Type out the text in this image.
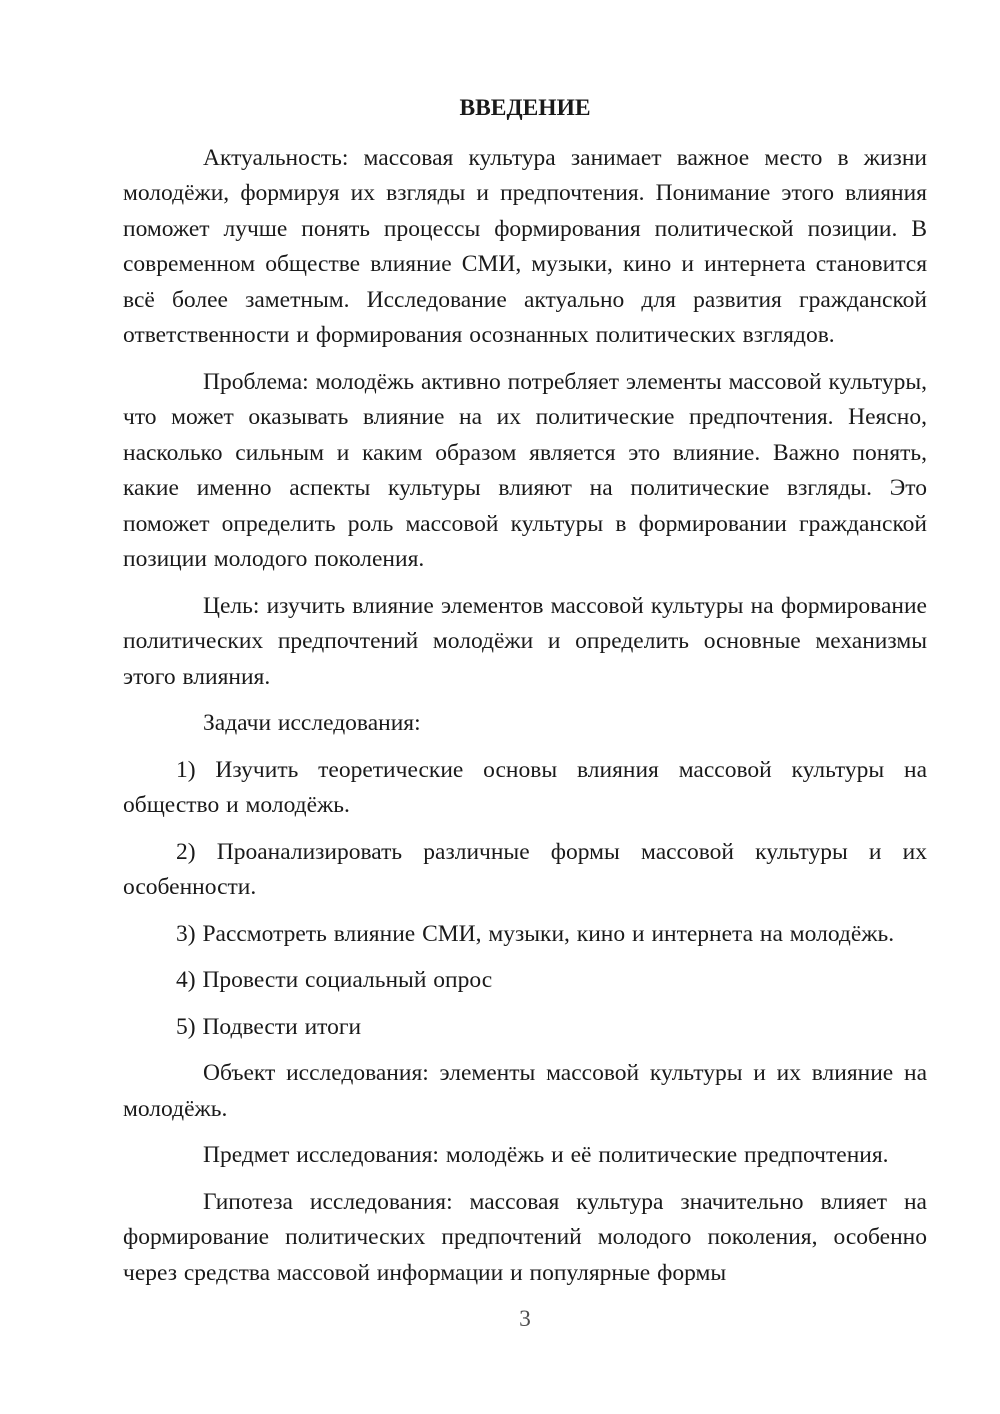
ВВЕДЕНИЕ

Актуальность: массовая культура занимает важное место в жизни молодёжи, формируя их взгляды и предпочтения. Понимание этого влияния поможет лучше понять процессы формирования политической позиции. В современном обществе влияние СМИ, музыки, кино и интернета становится всё более заметным. Исследование актуально для развития гражданской ответственности и формирования осознанных политических взглядов.

Проблема: молодёжь активно потребляет элементы массовой культуры, что может оказывать влияние на их политические предпочтения. Неясно, насколько сильным и каким образом является это влияние. Важно понять, какие именно аспекты культуры влияют на политические взгляды. Это поможет определить роль массовой культуры в формировании гражданской позиции молодого поколения.

Цель: изучить влияние элементов массовой культуры на формирование политических предпочтений молодёжи и определить основные механизмы этого влияния.

Задачи исследования:

1) Изучить теоретические основы влияния массовой культуры на общество и молодёжь.

2) Проанализировать различные формы массовой культуры и их особенности.

3) Рассмотреть влияние СМИ, музыки, кино и интернета на молодёжь.

4) Провести социальный опрос

5) Подвести итоги

Объект исследования: элементы массовой культуры и их влияние на молодёжь.

Предмет исследования: молодёжь и её политические предпочтения.

Гипотеза исследования: массовая культура значительно влияет на формирование политических предпочтений молодого поколения, особенно через средства массовой информации и популярные формы

3
